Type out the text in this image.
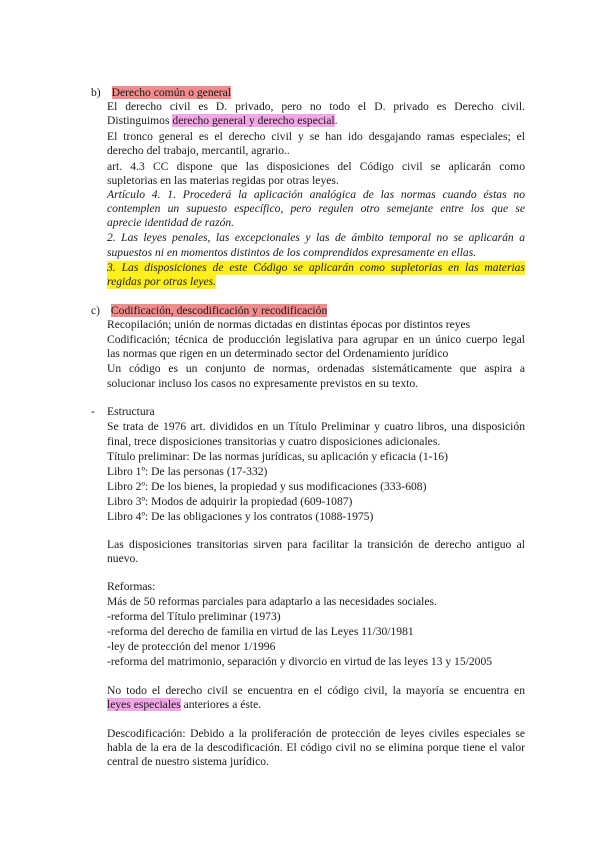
b) Derecho común o general
El derecho civil es D. privado, pero no todo el D. privado es Derecho civil.
Distinguimos derecho general y derecho especial.
El tronco general es el derecho civil y se han ido desgajando ramas especiales; el
derecho del trabajo, mercantil, agrario..
art. 4.3 CC dispone que las disposiciones del Código civil se aplicarán como
supletorias en las materias regidas por otras leyes.
Artículo 4. 1. Procederá la aplicación analógica de las normas cuando éstas no
contemplen un supuesto específico, pero regulen otro semejante entre los que se
aprecie identidad de razón.
2. Las leyes penales, las excepcionales y las de ámbito temporal no se aplicarán a
supuestos ni en momentos distintos de los comprendidos expresamente en ellas.
3. Las disposiciones de este Código se aplicarán como supletorias en las materias
regidas por otras leyes.
c) Codificación, descodificación y recodificación
Recopilación; unión de normas dictadas en distintas épocas por distintos reyes
Codificación; técnica de producción legislativa para agrupar en un único cuerpo legal
las normas que rigen en un determinado sector del Ordenamiento jurídico
Un código es un conjunto de normas, ordenadas sistemáticamente que aspira a
solucionar incluso los casos no expresamente previstos en su texto.
- Estructura
Se trata de 1976 art. divididos en un Título Preliminar y cuatro libros, una disposición
final, trece disposiciones transitorias y cuatro disposiciones adicionales.
Título preliminar: De las normas jurídicas, su aplicación y eficacia (1-16)
Libro 1º: De las personas (17-332)
Libro 2º: De los bienes, la propiedad y sus modificaciones (333-608)
Libro 3º: Modos de adquirir la propiedad (609-1087)
Libro 4º: De las obligaciones y los contratos (1088-1975)
Las disposiciones transitorias sirven para facilitar la transición de derecho antiguo al
nuevo.
Reformas:
Más de 50 reformas parciales para adaptarlo a las necesidades sociales.
-reforma del Título preliminar (1973)
-reforma del derecho de familia en virtud de las Leyes 11/30/1981
-ley de protección del menor 1/1996
-reforma del matrimonio, separación y divorcio en virtud de las leyes 13 y 15/2005
No todo el derecho civil se encuentra en el código civil, la mayoría se encuentra en
leyes especiales anteriores a éste.
Descodificación: Debido a la proliferación de protección de leyes civiles especiales se
habla de la era de la descodificación. El código civil no se elimina porque tiene el valor
central de nuestro sistema jurídico.
